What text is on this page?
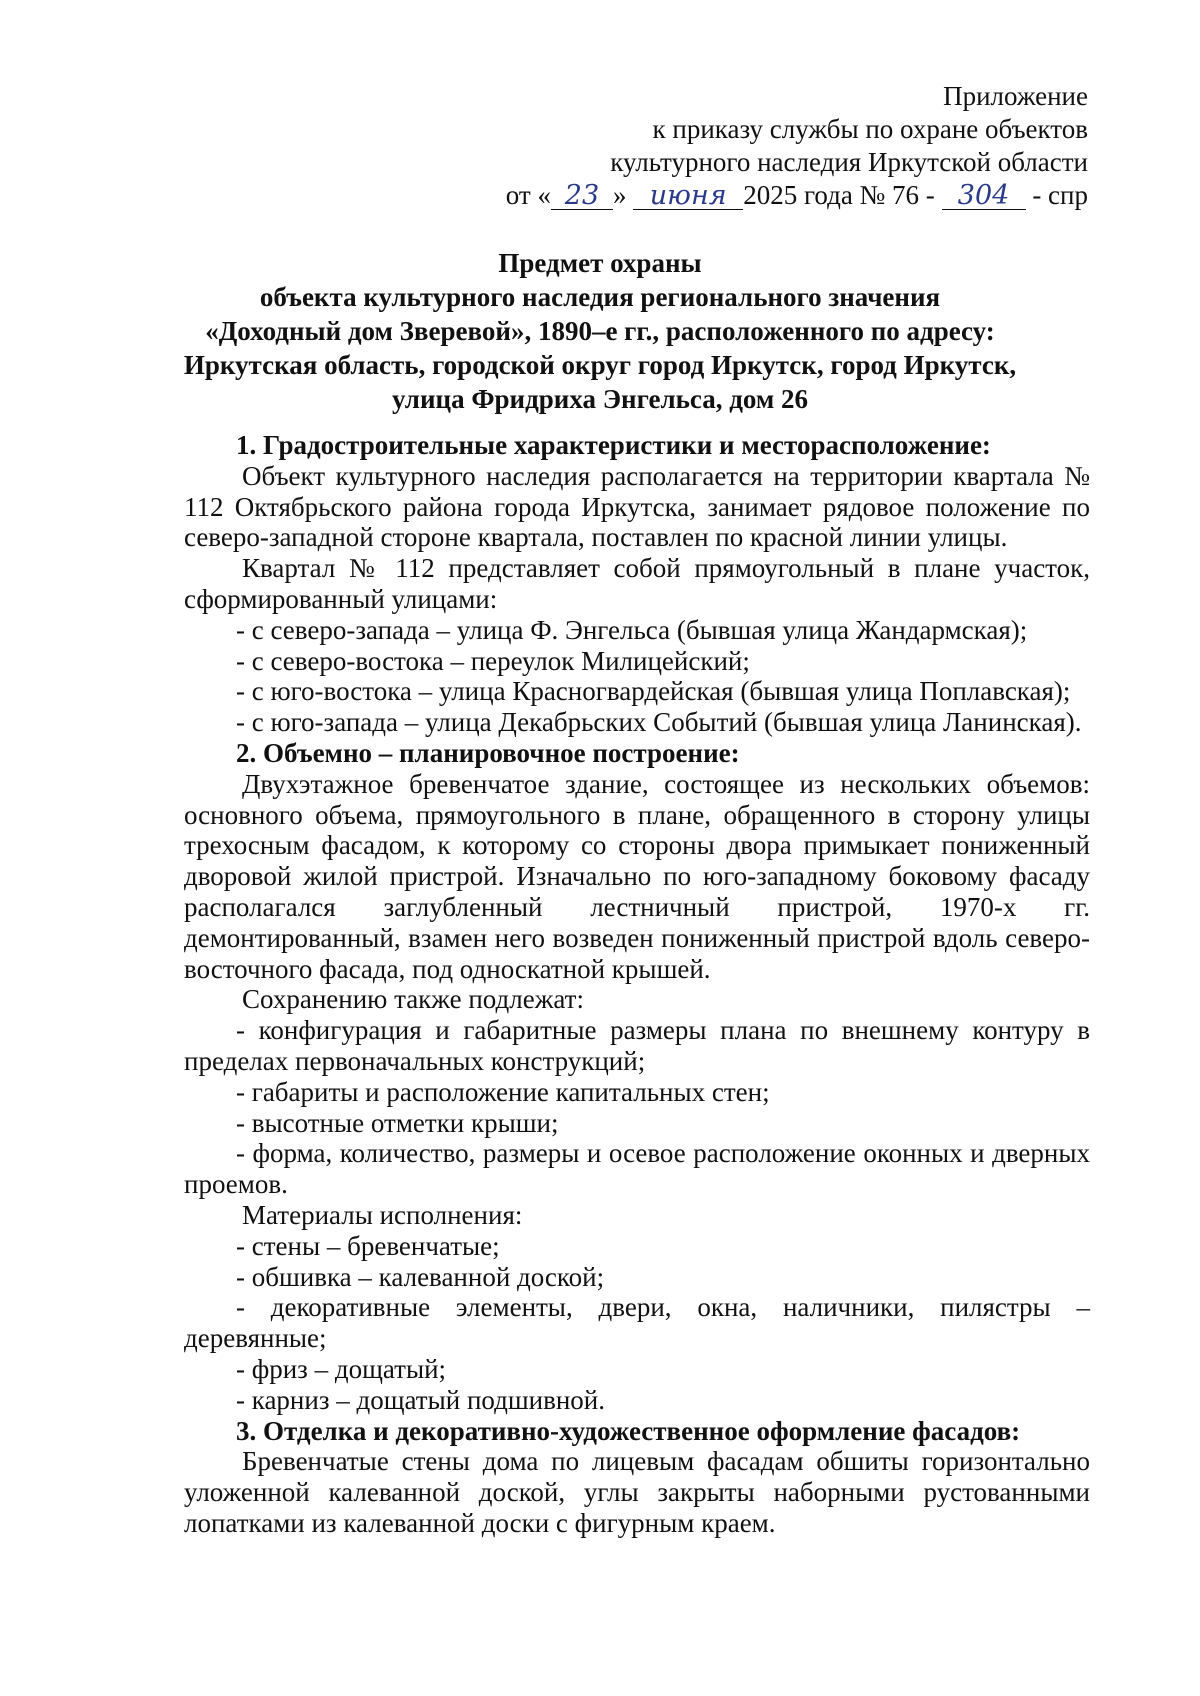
Приложение
к приказу службы по охране объектов
культурного наследия Иркутской области
от « 23 » июня 2025 года № 76 - 304 - спр
Предмет охраны
объекта культурного наследия регионального значения
«Доходный дом Зверевой», 1890–е гг., расположенного по адресу:
Иркутская область, городской округ город Иркутск, город Иркутск,
улица Фридриха Энгельса, дом 26

1. Градостроительные характеристики и месторасположение:

Объект культурного наследия располагается на территории квартала № 112 Октябрьского района города Иркутска, занимает рядовое положение по северо-западной стороне квартала, поставлен по красной линии улицы.

Квартал № 112 представляет собой прямоугольный в плане участок, сформированный улицами:

- с северо-запада – улица Ф. Энгельса (бывшая улица Жандармская);

- с северо-востока – переулок Милицейский;

- с юго-востока – улица Красногвардейская (бывшая улица Поплавская);

- с юго-запада – улица Декабрьских Событий (бывшая улица Ланинская).

2. Объемно – планировочное построение:

Двухэтажное бревенчатое здание, состоящее из нескольких объемов: основного объема, прямоугольного в плане, обращенного в сторону улицы трехосным фасадом, к которому со стороны двора примыкает пониженный дворовой жилой пристрой. Изначально по юго-западному боковому фасаду располагался заглубленный лестничный пристрой, 1970-х гг. демонтированный, взамен него возведен пониженный пристрой вдоль северо-восточного фасада, под односкатной крышей.

Сохранению также подлежат:

- конфигурация и габаритные размеры плана по внешнему контуру в пределах первоначальных конструкций;

- габариты и расположение капитальных стен;

- высотные отметки крыши;

- форма, количество, размеры и осевое расположение оконных и дверных проемов.

Материалы исполнения:

- стены – бревенчатые;

- обшивка – калеванной доской;

- декоративные элементы, двери, окна, наличники, пилястры – деревянные;

- фриз – дощатый;

- карниз – дощатый подшивной.

3. Отделка и декоративно-художественное оформление фасадов:

Бревенчатые стены дома по лицевым фасадам обшиты горизонтально уложенной калеванной доской, углы закрыты наборными рустованными лопатками из калеванной доски с фигурным краем.
